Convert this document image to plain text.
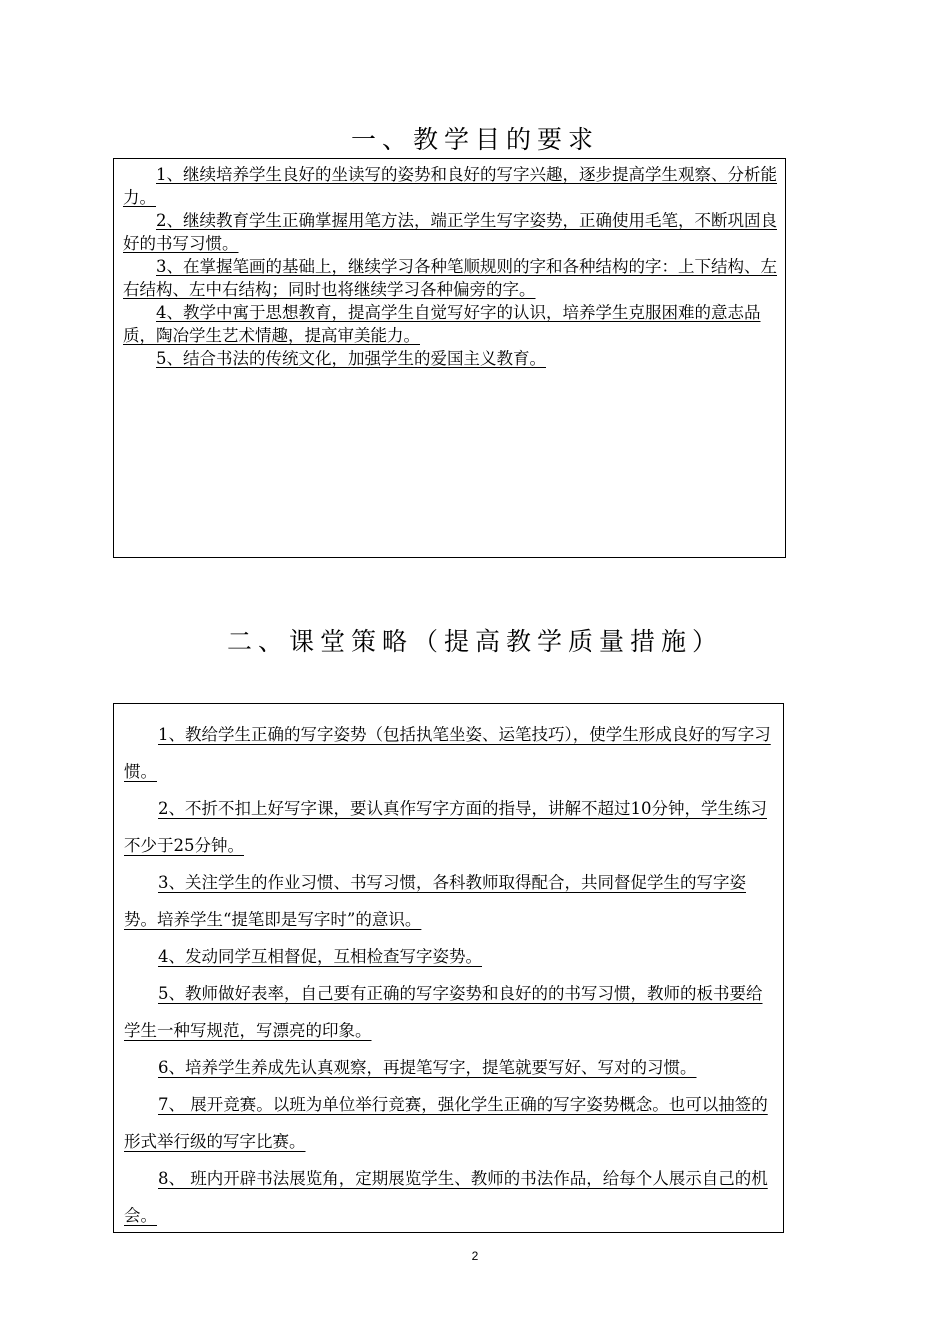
一、教学目的要求

1、继续培养学生良好的坐读写的姿势和良好的写字兴趣，逐步提高学生观察、分析能力。

2、继续教育学生正确掌握用笔方法，端正学生写字姿势，正确使用毛笔，不断巩固良好的书写习惯。

3、在掌握笔画的基础上，继续学习各种笔顺规则的字和各种结构的字：上下结构、左右结构、左中右结构；同时也将继续学习各种偏旁的字。

4、教学中寓于思想教育，提高学生自觉写好字的认识，培养学生克服困难的意志品质，陶冶学生艺术情趣，提高审美能力。

5、结合书法的传统文化，加强学生的爱国主义教育。

二、课堂策略（提高教学质量措施）

1、教给学生正确的写字姿势（包括执笔坐姿、运笔技巧），使学生形成良好的写字习惯。

2、不折不扣上好写字课，要认真作写字方面的指导，讲解不超过10分钟，学生练习不少于25分钟。

3、关注学生的作业习惯、书写习惯，各科教师取得配合，共同督促学生的写字姿势。培养学生“提笔即是写字时”的意识。

4、发动同学互相督促，互相检查写字姿势。

5、教师做好表率，自己要有正确的写字姿势和良好的的书写习惯，教师的板书要给学生一种写规范，写漂亮的印象。

6、培养学生养成先认真观察，再提笔写字，提笔就要写好、写对的习惯。

7、 展开竞赛。以班为单位举行竞赛，强化学生正确的写字姿势概念。也可以抽签的形式举行级的写字比赛。

8、 班内开辟书法展览角，定期展览学生、教师的书法作品，给每个人展示自己的机会。

2
